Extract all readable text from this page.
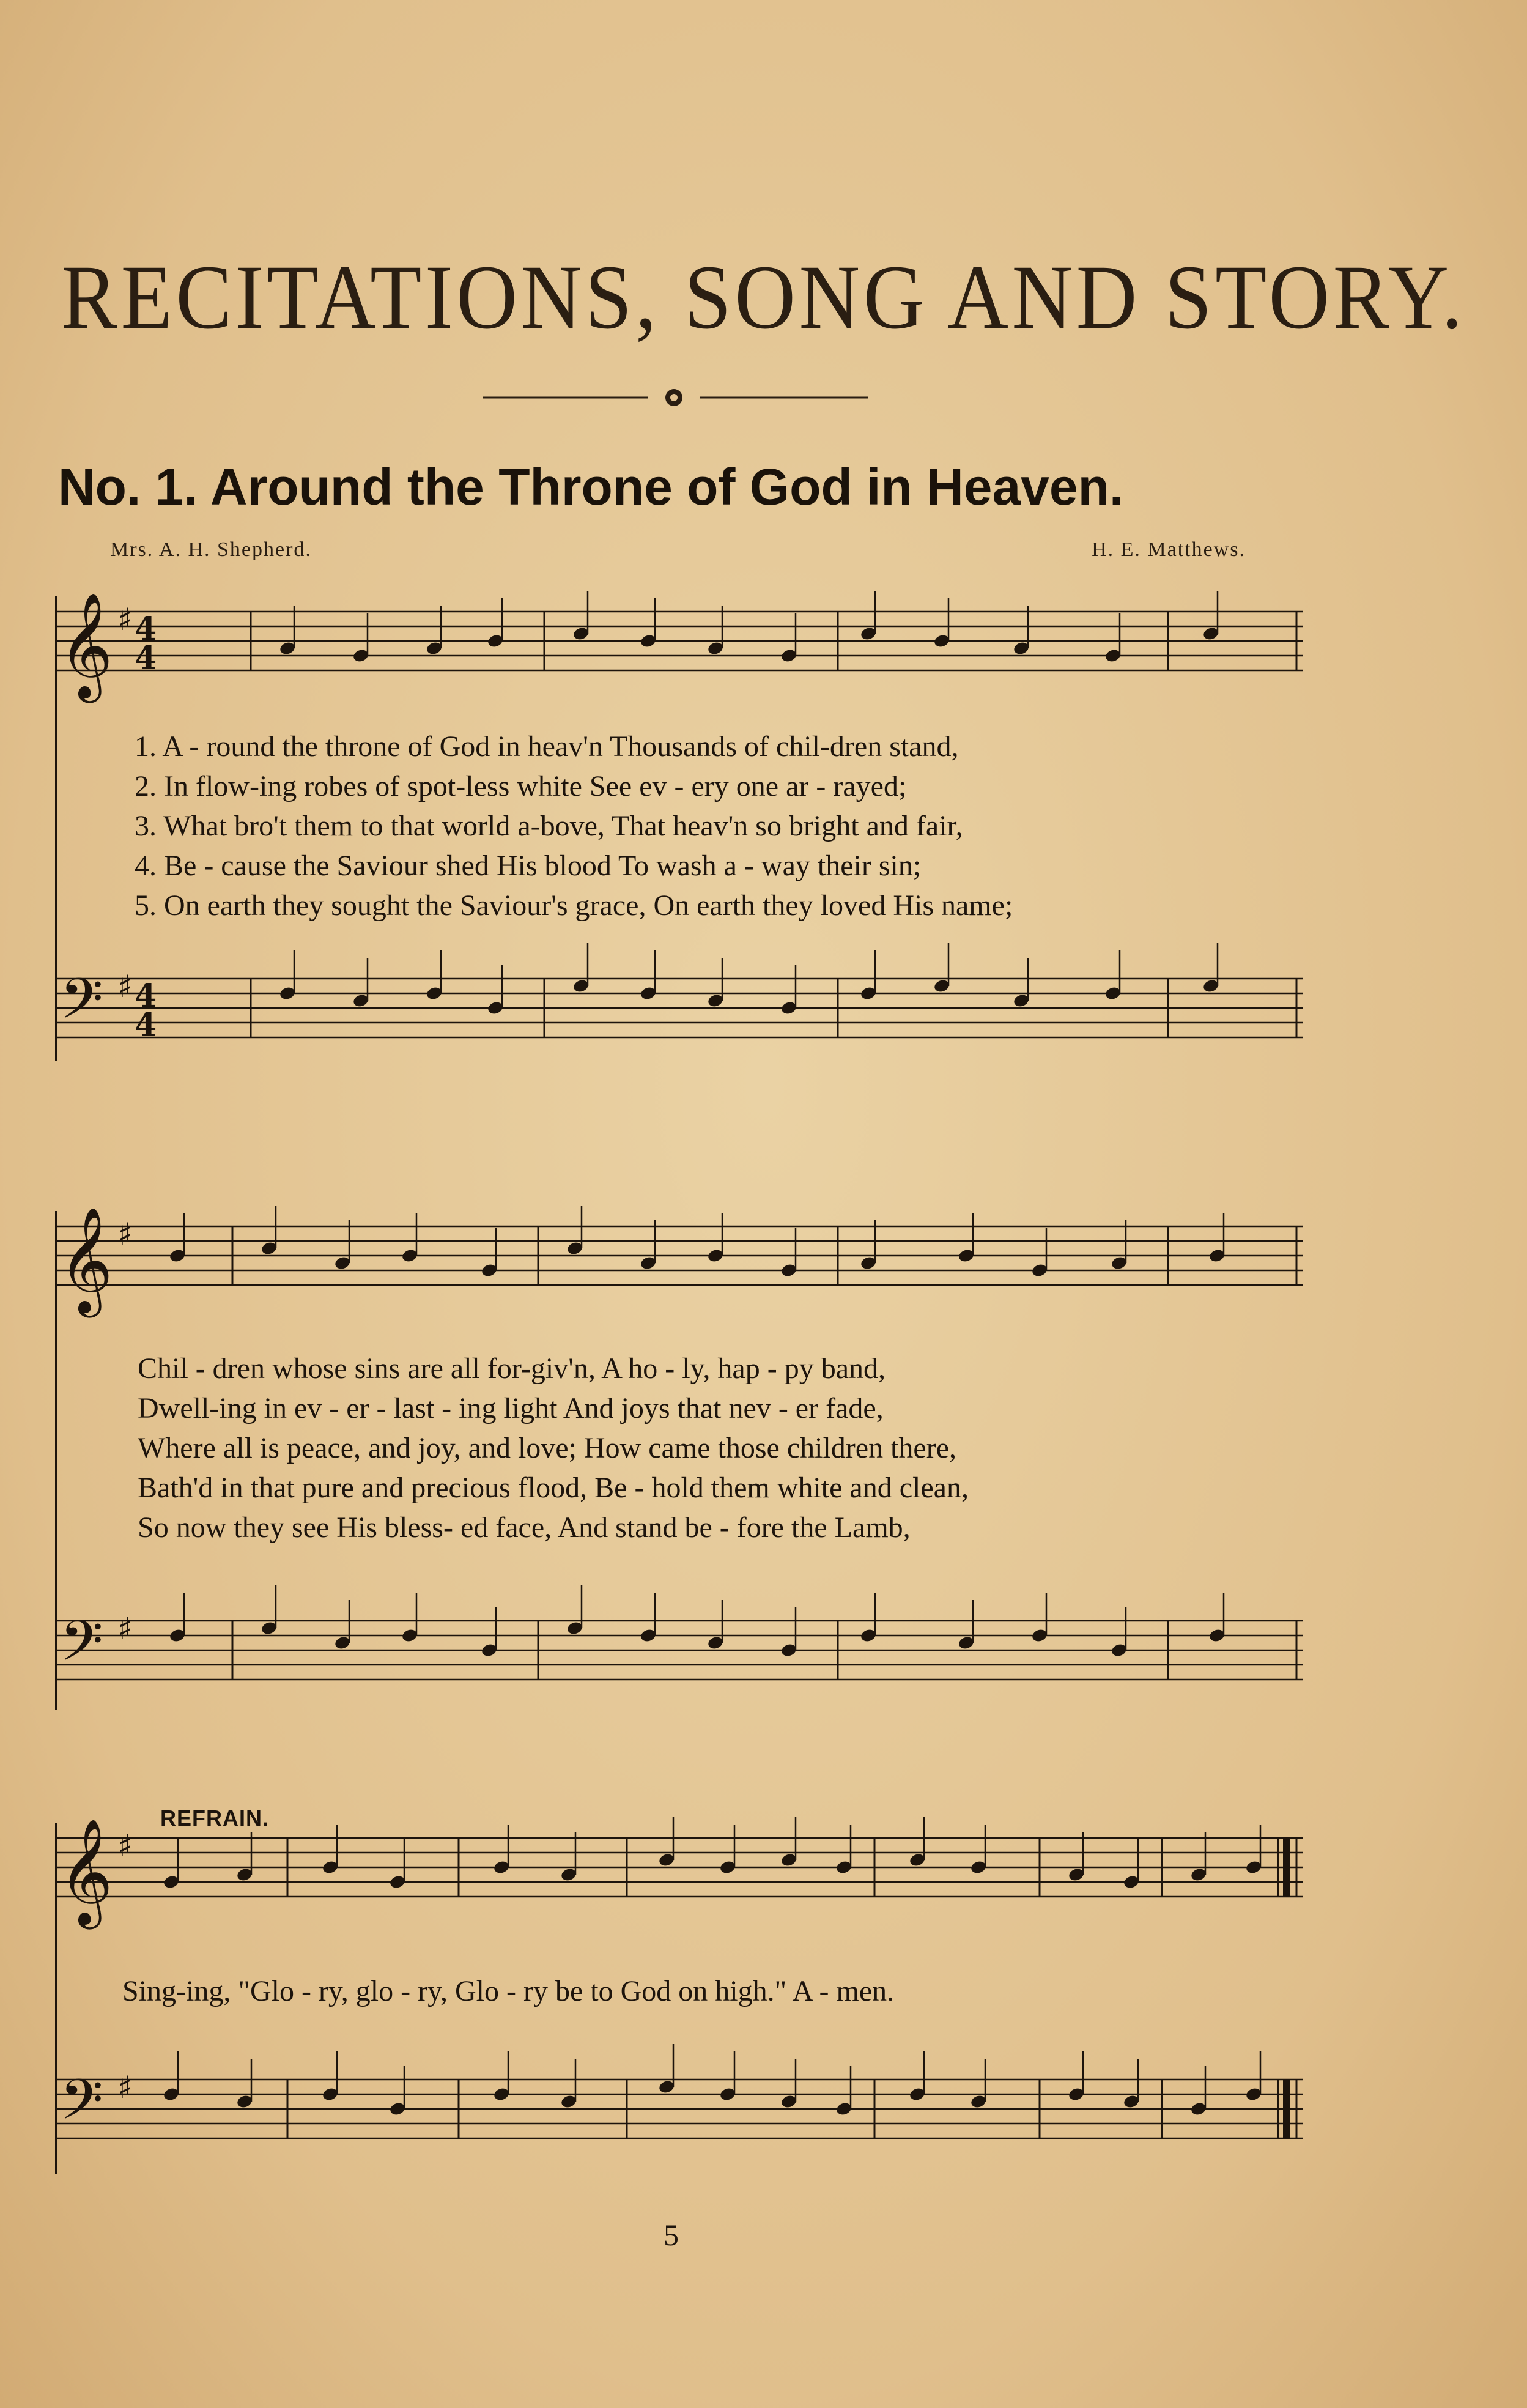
RECITATIONS, SONG AND STORY.
No. 1. Around the Throne of God in Heaven.
Mrs. A. H. Shepherd.	H. E. Matthews.
𝄞 ♯
𝄢 ♯
4
4
4
4
𝄞 ♯
𝄢 ♯
𝄞 ♯
𝄢 ♯
1. A - round the throne of God in heav'n Thousands of chil-dren stand,
2. In flow-ing robes of spot-less white See ev - ery one ar - rayed;
3. What bro't them to that world a-bove, That heav'n so bright and fair,
4. Be - cause the Saviour shed His blood To wash a - way their sin;
5. On earth they sought the Saviour's grace, On earth they loved His name;
Chil - dren whose sins are all for-giv'n, A ho - ly, hap - py band,
Dwell-ing in ev - er - last - ing light And joys that nev - er fade,
Where all is peace, and joy, and love; How came those children there,
Bath'd in that pure and precious flood, Be - hold them white and clean,
So now they see His bless- ed face, And stand be - fore the Lamb,
REFRAIN.
Sing-ing, "Glo - ry, glo - ry, Glo - ry be to God on high." A - men.
5
